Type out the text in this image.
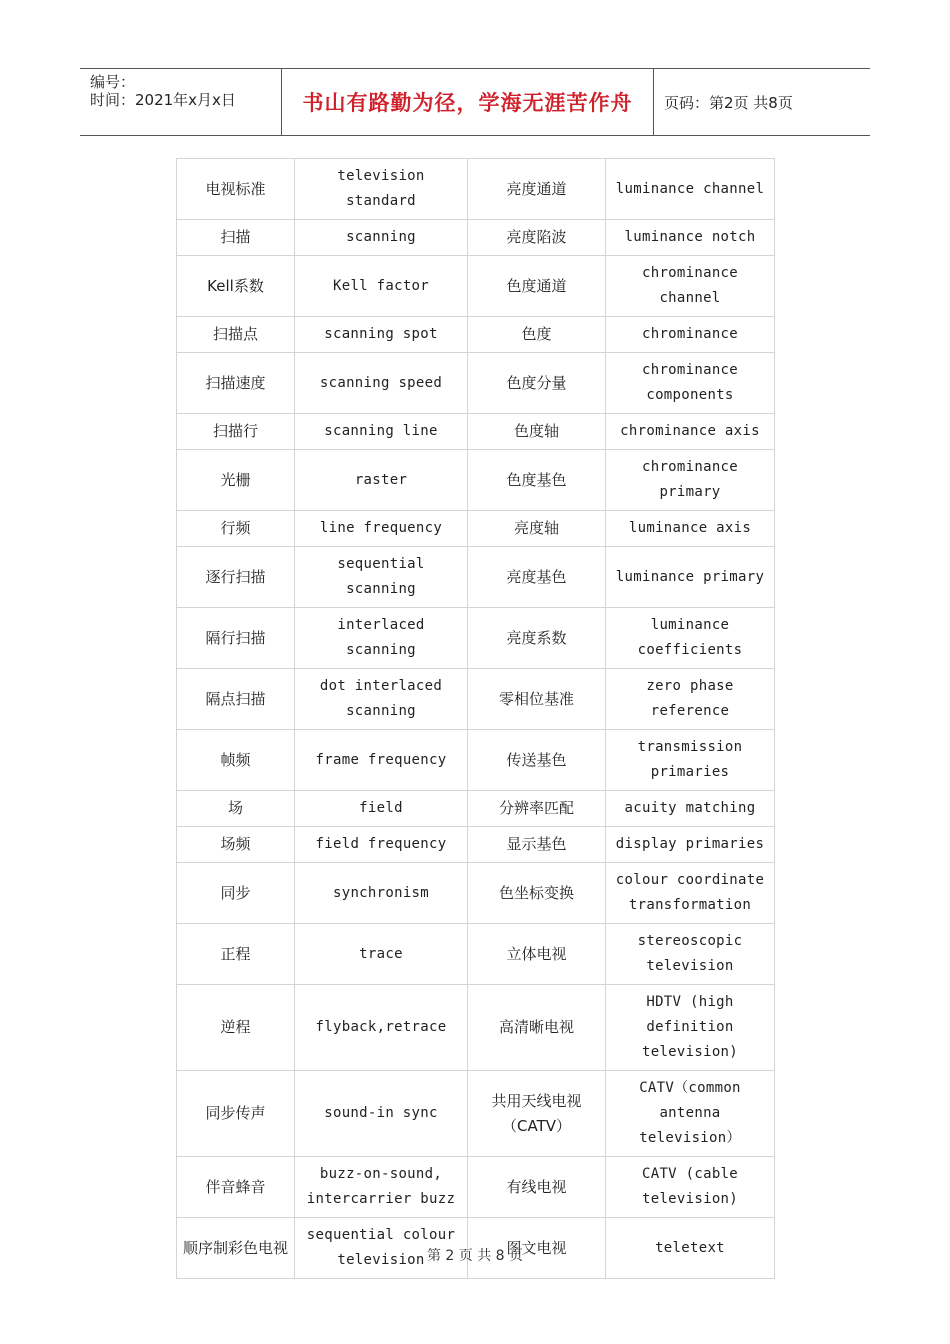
编号：
时间：2021年x月x日	书山有路勤为径，学海无涯苦作舟	页码：第2页 共8页
电视标准	television standard	亮度通道	luminance channel
扫描	scanning	亮度陷波	luminance notch
Kell系数	Kell factor	色度通道	chrominance channel
扫描点	scanning spot	色度	chrominance
扫描速度	scanning speed	色度分量	chrominance components
扫描行	scanning line	色度轴	chrominance axis
光栅	raster	色度基色	chrominance primary
行频	line frequency	亮度轴	luminance axis
逐行扫描	sequential scanning	亮度基色	luminance primary
隔行扫描	interlaced scanning	亮度系数	luminance coefficients
隔点扫描	dot interlaced scanning	零相位基准	zero phase reference
帧频	frame frequency	传送基色	transmission primaries
场	field	分辨率匹配	acuity matching
场频	field frequency	显示基色	display primaries
同步	synchronism	色坐标变换	colour coordinate transformation
正程	trace	立体电视	stereoscopic television
逆程	flyback,retrace	高清晰电视	HDTV (high definition television)
同步传声	sound-in sync	共用天线电视（CATV）	CATV（common antenna television）
伴音蜂音	buzz-on-sound, intercarrier buzz	有线电视	CATV (cable television)
顺序制彩色电视	sequential colour television	图文电视	teletext
第 2 页 共 8 页
